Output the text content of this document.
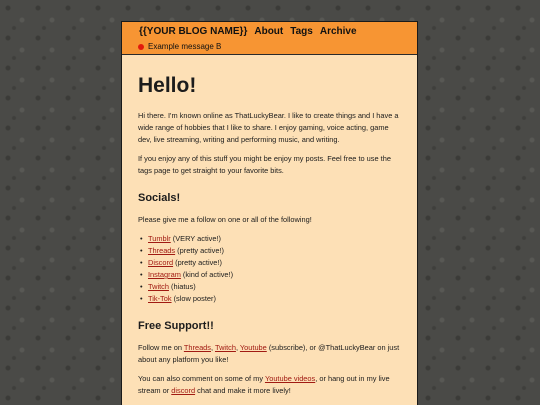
{{YOUR BLOG NAME}} About Tags Archive
Example message B
Hello!

Hi there. I'm known online as ThatLuckyBear. I like to create things and I have a wide range of hobbies that I like to share. I enjoy gaming, voice acting, game dev, live streaming, writing and performing music, and writing.

If you enjoy any of this stuff you might be enjoy my posts. Feel free to use the tags page to get straight to your favorite bits.

Socials!

Please give me a follow on one or all of the following!

• Tumblr (VERY active!)
• Threads (pretty active!)
• Discord (pretty active!)
• Instagram (kind of active!)
• Twitch (hiatus)
• Tik-Tok (slow poster)
Free Support!!

Follow me on Threads, Twitch, Youtube (subscribe), or @ThatLuckyBear on just about any platform you like!

You can also comment on some of my Youtube videos, or hang out in my live stream or discord chat and make it more lively!
